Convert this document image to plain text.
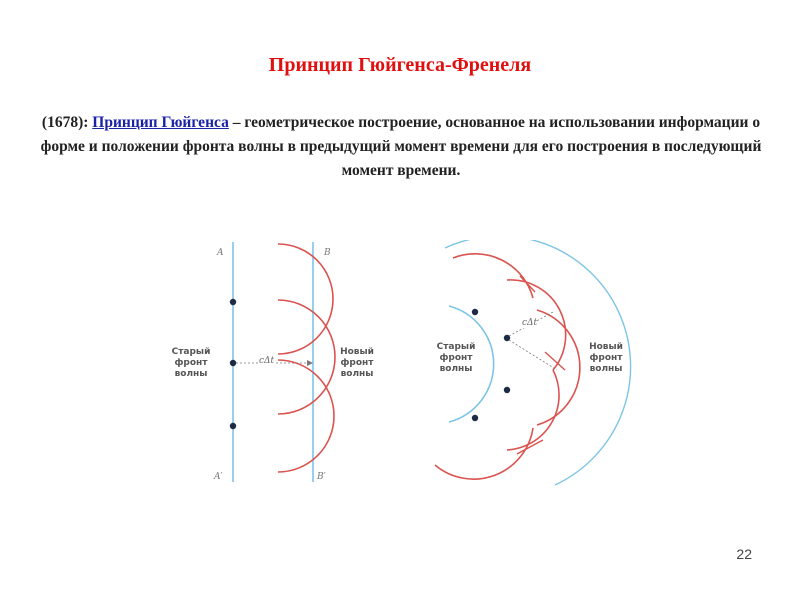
Принцип Гюйгенса-Френеля
(1678): Принцип Гюйгенса – геометрическое построение, основанное на использовании информации о форме и положении фронта волны в предыдущий момент времени для его построения в последующий момент времени.
A	B
A′	B′
cΔt
Старый
фронт
волны
Новый
фронт
волны
cΔt
Старый
фронт
волны
Новый
фронт
волны
22
